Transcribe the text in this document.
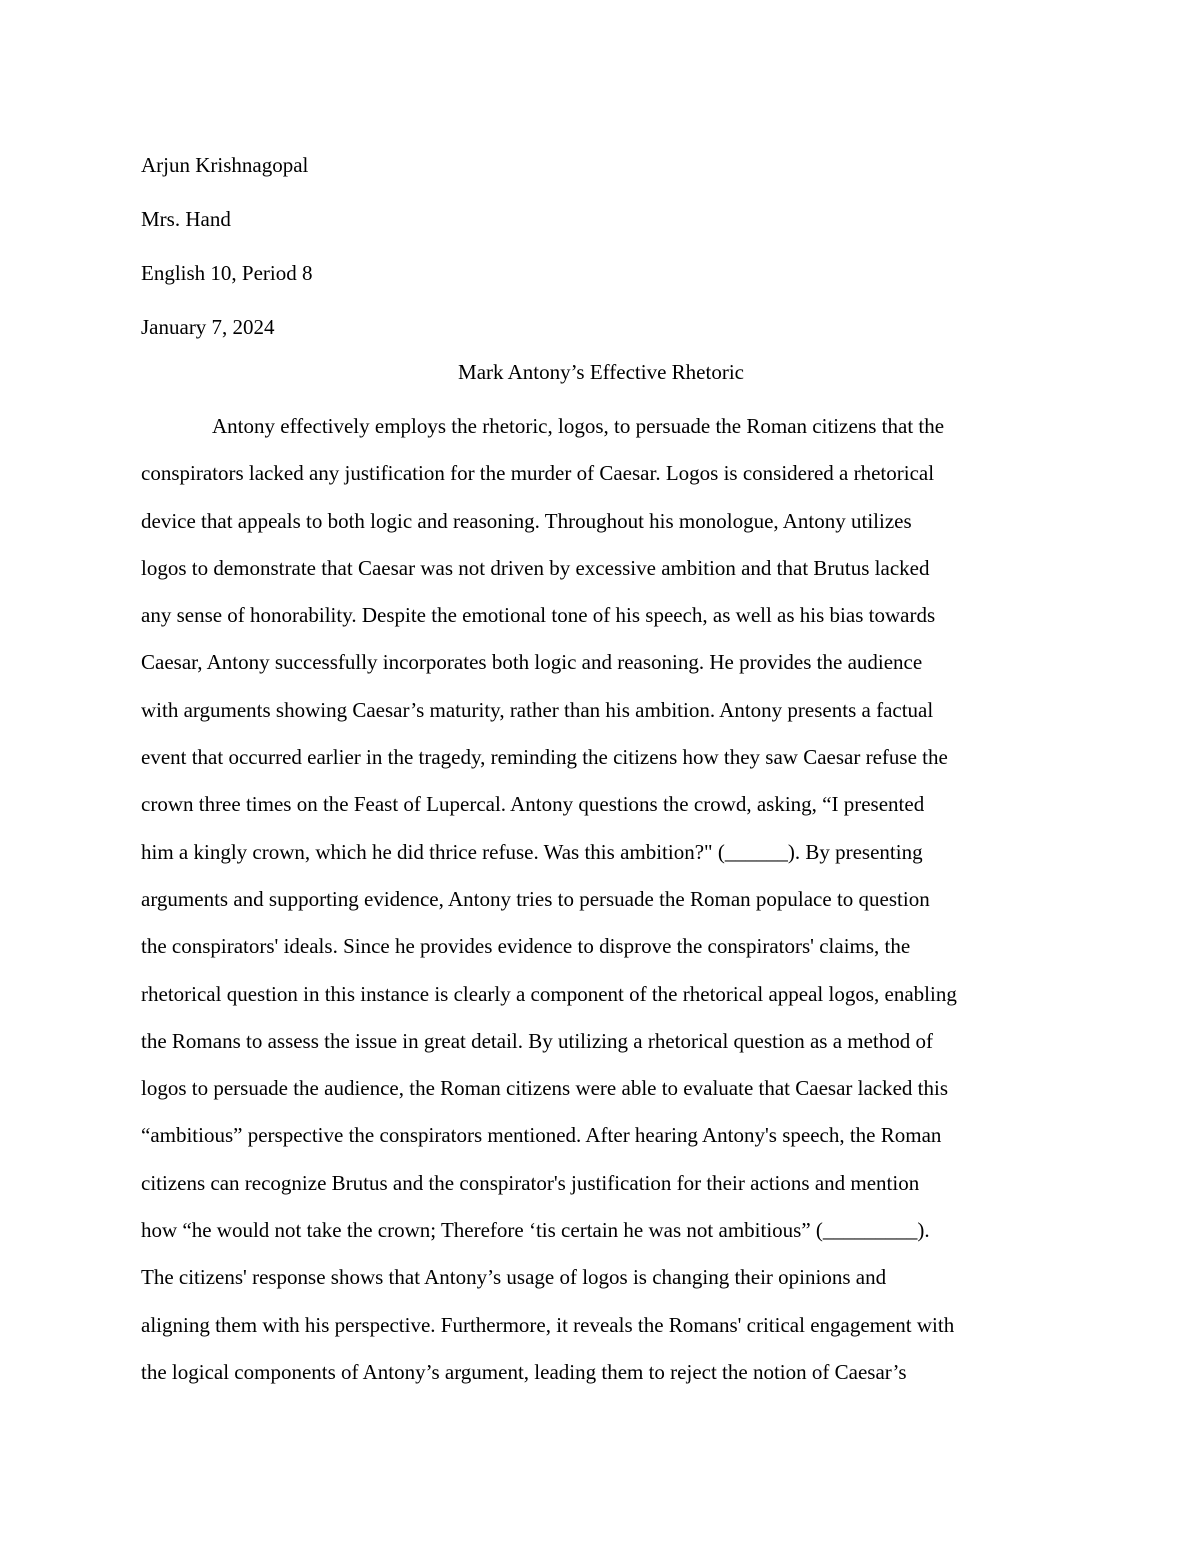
Arjun Krishnagopal
Mrs. Hand
English 10, Period 8
January 7, 2024
Mark Antony’s Effective Rhetoric
Antony effectively employs the rhetoric, logos, to persuade the Roman citizens that the
conspirators lacked any justification for the murder of Caesar. Logos is considered a rhetorical
device that appeals to both logic and reasoning. Throughout his monologue, Antony utilizes
logos to demonstrate that Caesar was not driven by excessive ambition and that Brutus lacked
any sense of honorability. Despite the emotional tone of his speech, as well as his bias towards
Caesar, Antony successfully incorporates both logic and reasoning. He provides the audience
with arguments showing Caesar’s maturity, rather than his ambition. Antony presents a factual
event that occurred earlier in the tragedy, reminding the citizens how they saw Caesar refuse the
crown three times on the Feast of Lupercal. Antony questions the crowd, asking, “I presented
him a kingly crown, which he did thrice refuse. Was this ambition?" (______). By presenting
arguments and supporting evidence, Antony tries to persuade the Roman populace to question
the conspirators' ideals. Since he provides evidence to disprove the conspirators' claims, the
rhetorical question in this instance is clearly a component of the rhetorical appeal logos, enabling
the Romans to assess the issue in great detail. By utilizing a rhetorical question as a method of
logos to persuade the audience, the Roman citizens were able to evaluate that Caesar lacked this
“ambitious” perspective the conspirators mentioned. After hearing Antony's speech, the Roman
citizens can recognize Brutus and the conspirator's justification for their actions and mention
how “he would not take the crown; Therefore ‘tis certain he was not ambitious” (_________).
The citizens' response shows that Antony’s usage of logos is changing their opinions and
aligning them with his perspective. Furthermore, it reveals the Romans' critical engagement with
the logical components of Antony’s argument, leading them to reject the notion of Caesar’s
